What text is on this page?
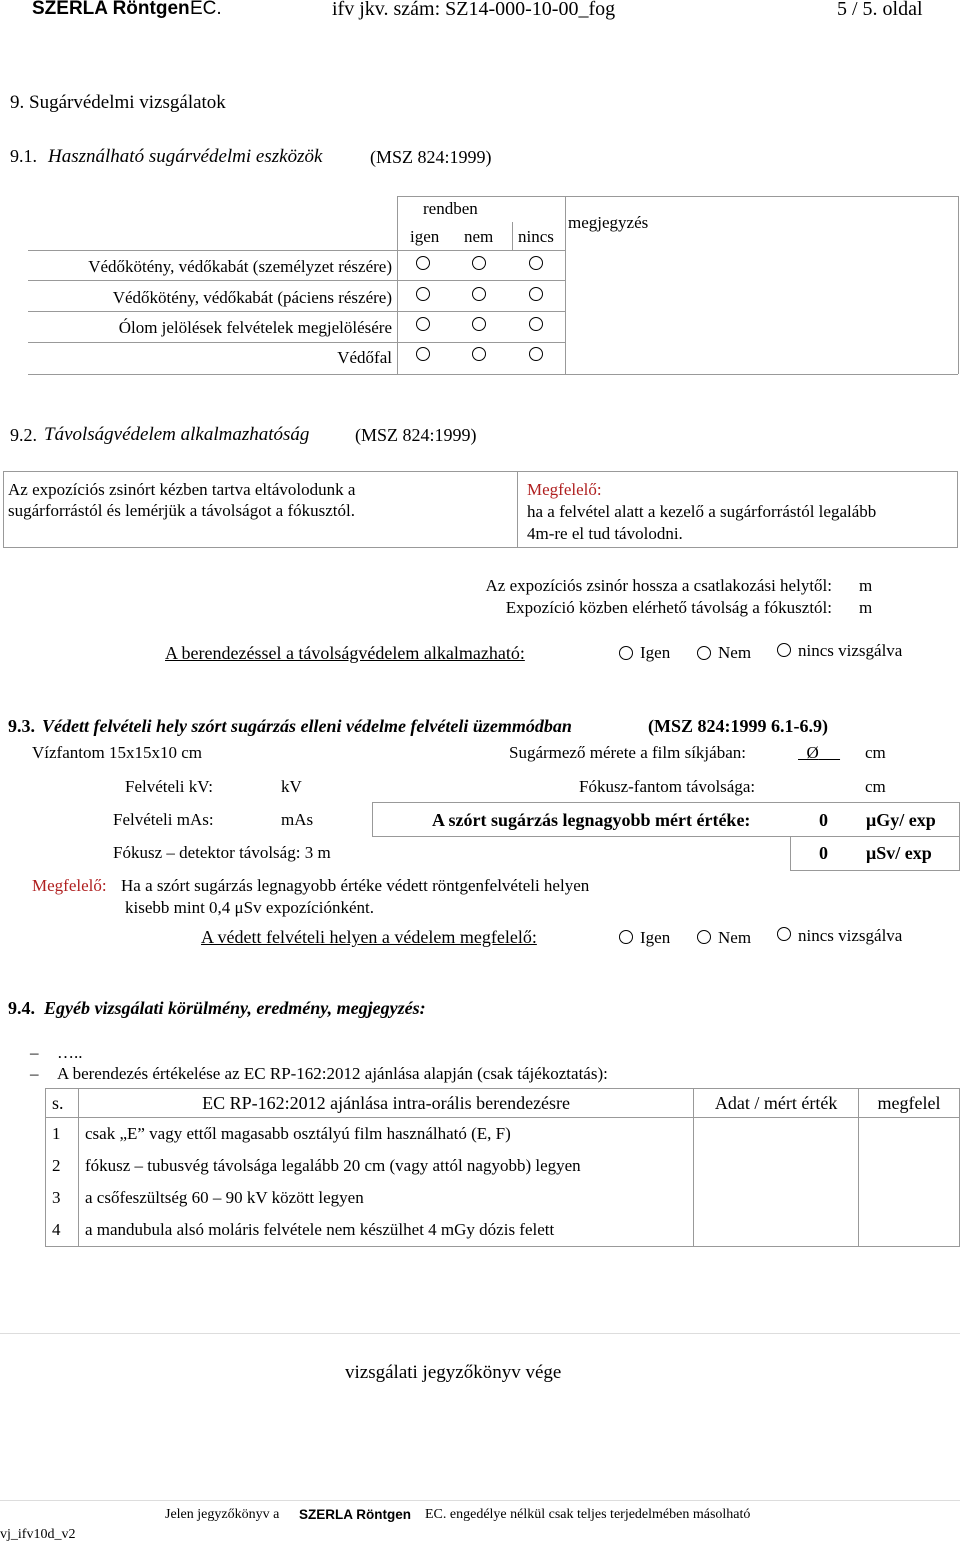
SZERLA Röntgen EC.	ifv jkv. szám: SZ14-000-10-00_fog	5 / 5. oldal
9. Sugárvédelmi vizsgálatok
9.1. Használható sugárvédelmi eszközök	(MSZ 824:1999)
rendben
igen nem nincs
megjegyzés
Védőkötény, védőkabát (személyzet részére)
Védőkötény, védőkabát (páciens részére)
Ólom jelölések felvételek megjelölésére
Védőfal
9.2. Távolságvédelem alkalmazhatóság	(MSZ 824:1999)
Az expozíciós zsinórt kézben tartva eltávolodunk a
sugárforrástól és lemérjük a távolságot a fókusztól.
Megfelelő:
ha a felvétel alatt a kezelő a sugárforrástól legalább
4m-re el tud távolodni.
Az expozíciós zsinór hossza a csatlakozási helytől: m
Expozíció közben elérhető távolság a fókusztól: m
A berendezéssel a távolságvédelem alkalmazható:	Igen	Nem	nincs vizsgálva
9.3. Védett felvételi hely szórt sugárzás elleni védelme felvételi üzemmódban	(MSZ 824:1999 6.1-6.9)
Vízfantom 15x15x10 cm	Sugármező mérete a film síkjában:	Ø	cm
Felvételi kV:	kV	Fókusz-fantom távolsága:	cm
Felvételi mAs:	mAs	A szórt sugárzás legnagyobb mért értéke:	0 μGy/ exp
Fókusz – detektor távolság: 3 m	0 μSv/ exp
Megfelelő: Ha a szórt sugárzás legnagyobb értéke védett röntgenfelvételi helyen
kisebb mint 0,4 μSv expozíciónként.
A védett felvételi helyen a védelem megfelelő:	Igen	Nem	nincs vizsgálva
9.4. Egyéb vizsgálati körülmény, eredmény, megjegyzés:
– …..
– A berendezés értékelése az EC RP-162:2012 ajánlása alapján (csak tájékoztatás):
s.	EC RP-162:2012 ajánlása intra-orális berendezésre	Adat / mért érték	megfelel
1	csak „E” vagy ettől magasabb osztályú film használható (E, F)		
2	fókusz – tubusvég távolsága legalább 20 cm (vagy attól nagyobb) legyen		
3	a csőfeszültség 60 – 90 kV között legyen		
4	a mandubula alsó moláris felvétele nem készülhet 4 mGy dózis felett		
vizsgálati jegyzőkönyv vége
Jelen jegyzőkönyv a SZERLA Röntgen EC. engedélye nélkül csak teljes terjedelmében másolható
vj_ifv10d_v2
